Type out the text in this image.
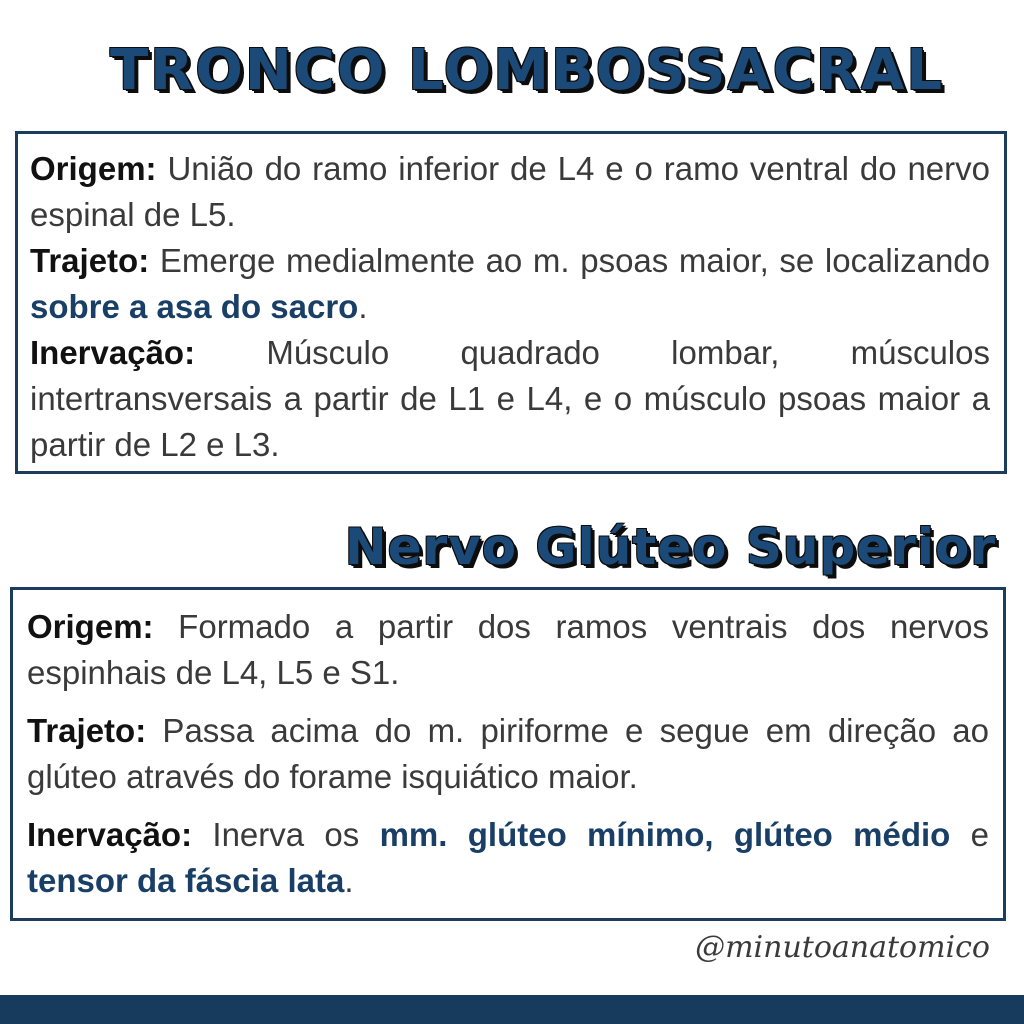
TRONCO LOMBOSSACRAL

Origem: União do ramo inferior de L4 e o ramo ventral do nervo espinal de L5.

Trajeto: Emerge medialmente ao m. psoas maior, se localizando sobre a asa do sacro.

Inervação: Músculo quadrado lombar, músculos intertransversais a partir de L1 e L4, e o músculo psoas maior a partir de L2 e L3.

Nervo Glúteo Superior

Origem: Formado a partir dos ramos ventrais dos nervos espinhais de L4, L5 e S1.

Trajeto: Passa acima do m. piriforme e segue em direção ao glúteo através do forame isquiático maior.

Inervação: Inerva os mm. glúteo mínimo, glúteo médio e tensor da fáscia lata.

@minutoanatomico
